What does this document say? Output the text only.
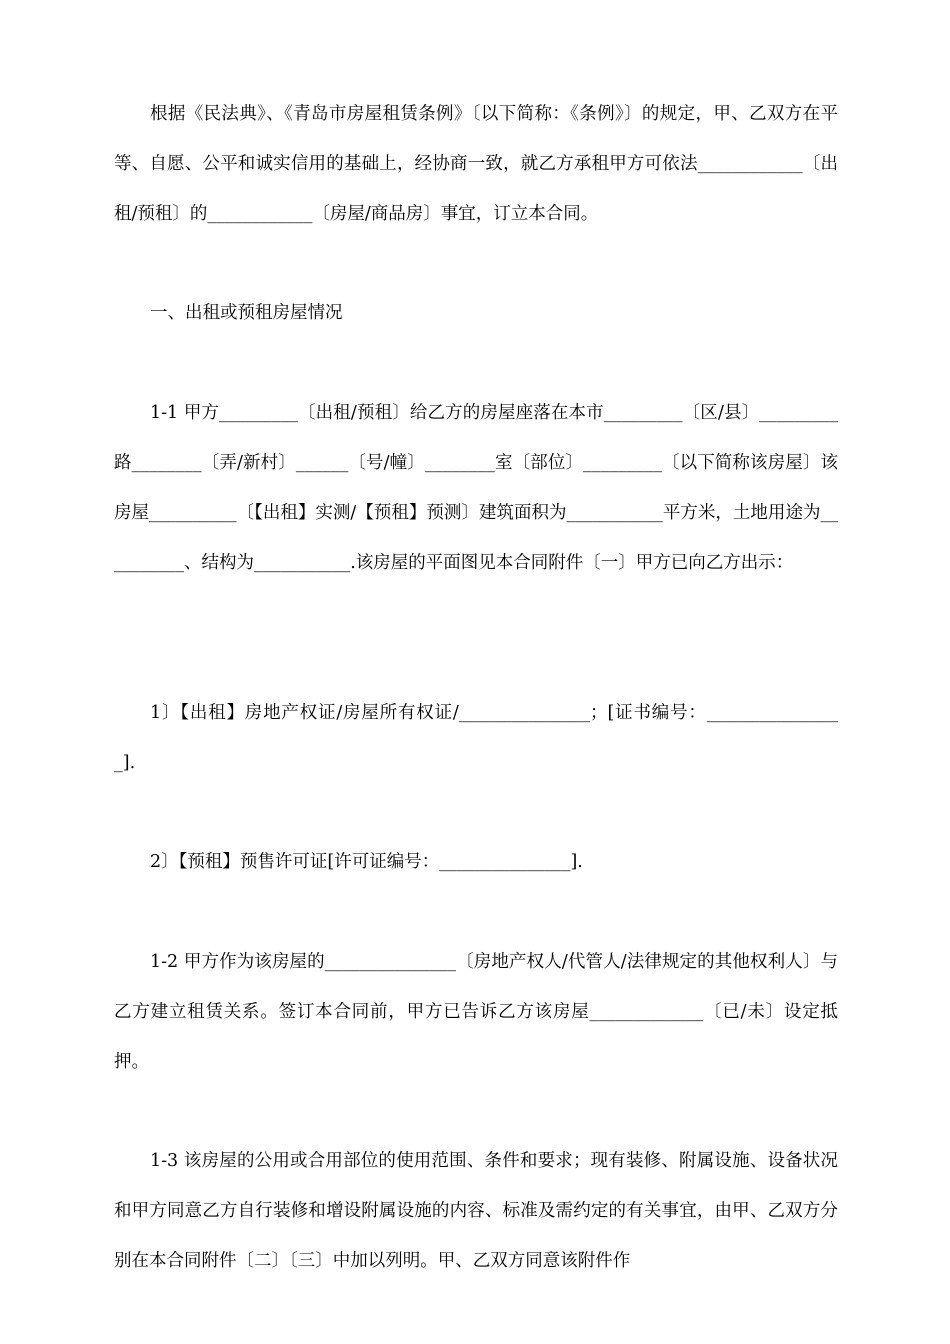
根据《民法典》、《青岛市房屋租赁条例》〔以下简称：《条例》〕的规定，甲、乙双方在平等、自愿、公平和诚实信用的基础上，经协商一致，就乙方承租甲方可依法____________〔出租/预租〕的____________〔房屋/商品房〕事宜，订立本合同。

一、出租或预租房屋情况

1-1 甲方_________〔出租/预租〕给乙方的房屋座落在本市_________〔区/县〕_________路________〔弄/新村〕______〔号/幢〕________室〔部位〕_________〔以下简称该房屋〕该房屋__________〔【出租】实测/【预租】预测〕建筑面积为___________平方米，土地用途为__________、结构为___________.该房屋的平面图见本合同附件〔一〕甲方已向乙方出示：

1〕【出租】房地产权证/房屋所有权证/_______________；[证书编号：________________].

2〕【预租】预售许可证[许可证编号：_______________].

1-2 甲方作为该房屋的_______________〔房地产权人/代管人/法律规定的其他权利人〕与乙方建立租赁关系。签订本合同前，甲方已告诉乙方该房屋_____________〔已/未〕设定抵押。

1-3 该房屋的公用或合用部位的使用范围、条件和要求；现有装修、附属设施、设备状况和甲方同意乙方自行装修和增设附属设施的内容、标准及需约定的有关事宜，由甲、乙双方分别在本合同附件〔二〕〔三〕中加以列明。甲、乙双方同意该附件作
